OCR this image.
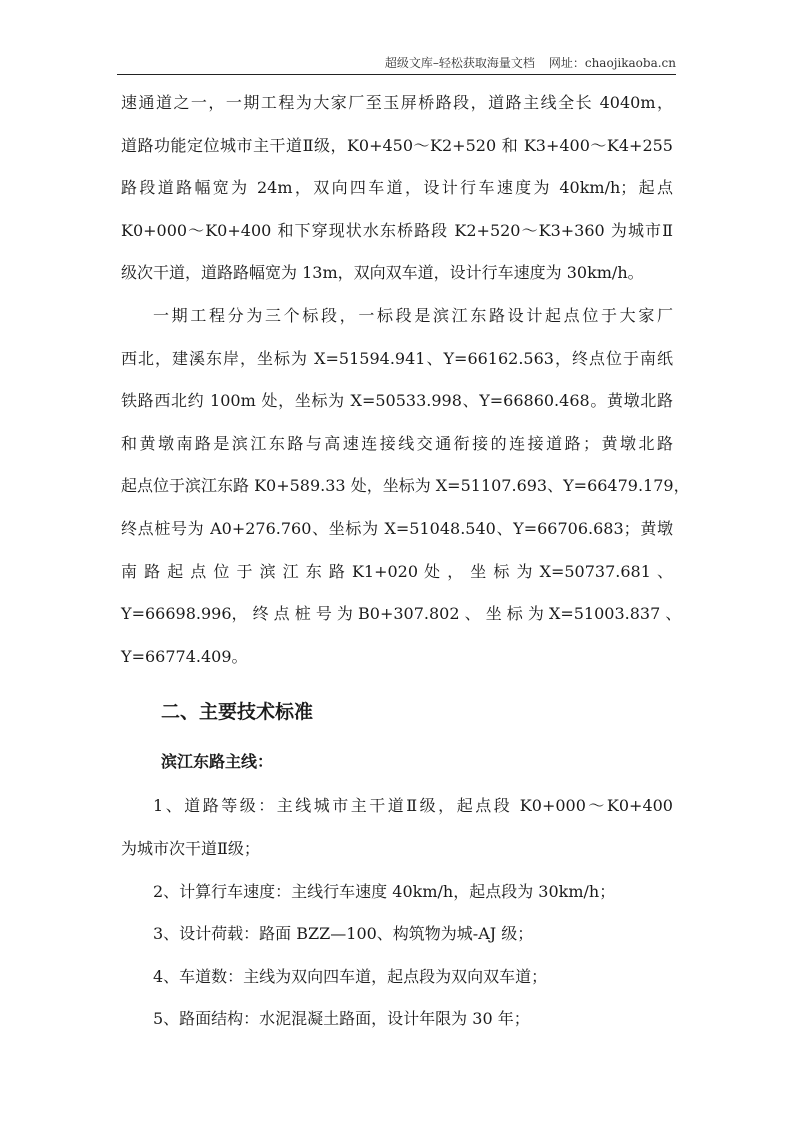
超级文库–轻松获取海量文档 网址：chaojikaoba.cn
速通道之一，一期工程为大家厂至玉屏桥路段，道路主线全长 4040m，
道路功能定位城市主干道Ⅱ级，K0+450～K2+520 和 K3+400～K4+255
路段道路幅宽为 24m，双向四车道，设计行车速度为 40km/h；起点
K0+000～K0+400 和下穿现状水东桥路段 K2+520～K3+360 为城市Ⅱ
级次干道，道路路幅宽为 13m，双向双车道，设计行车速度为 30km/h。
一期工程分为三个标段，一标段是滨江东路设计起点位于大家厂
西北，建溪东岸，坐标为 X=51594.941、Y=66162.563，终点位于南纸
铁路西北约 100m 处，坐标为 X=50533.998、Y=66860.468。黄墩北路
和黄墩南路是滨江东路与高速连接线交通衔接的连接道路；黄墩北路
起点位于滨江东路 K0+589.33 处，坐标为 X=51107.693、Y=66479.179，
终点桩号为 A0+276.760、坐标为 X=51048.540、Y=66706.683；黄墩
南 路 起 点 位 于 滨 江 东 路 K1+020 处 ， 坐 标 为 X=50737.681 、
Y=66698.996， 终 点 桩 号 为 B0+307.802 、 坐 标 为 X=51003.837 、
Y=66774.409。
二、主要技术标准
滨江东路主线：
1、道路等级：主线城市主干道Ⅱ级，起点段 K0+000～K0+400
为城市次干道Ⅱ级；
2、计算行车速度：主线行车速度 40km/h，起点段为 30km/h；
3、设计荷载：路面 BZZ—100、构筑物为城-AJ 级；
4、车道数：主线为双向四车道，起点段为双向双车道；
5、路面结构：水泥混凝土路面，设计年限为 30 年；
